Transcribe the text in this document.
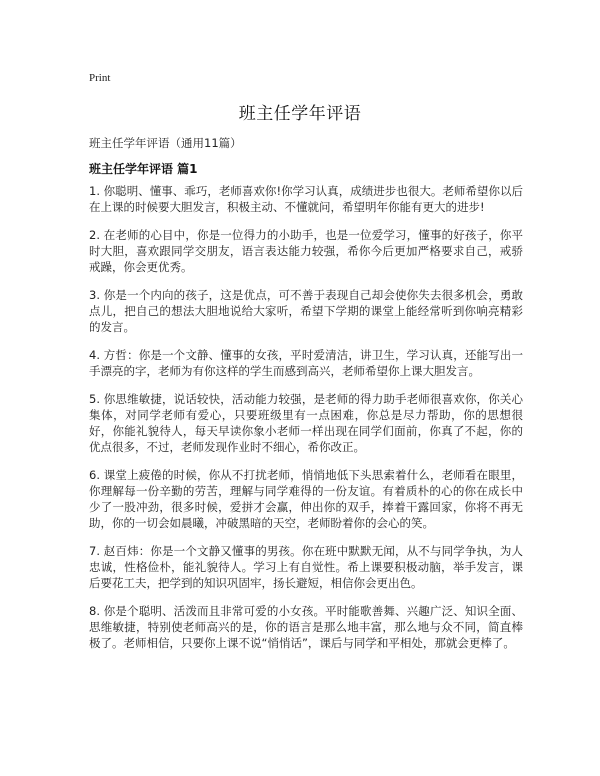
Print
班主任学年评语
班主任学年评语（通用11篇）
班主任学年评语 篇1

1. 你聪明、懂事、乖巧，老师喜欢你!你学习认真，成绩进步也很大。老师希望你以后在上课的时候要大胆发言，积极主动、不懂就问，希望明年你能有更大的进步!

2. 在老师的心目中，你是一位得力的小助手，也是一位爱学习，懂事的好孩子，你平时大胆，喜欢跟同学交朋友，语言表达能力较强，希你今后更加严格要求自己，戒骄戒躁，你会更优秀。

3. 你是一个内向的孩子，这是优点，可不善于表现自己却会使你失去很多机会，勇敢点儿，把自己的想法大胆地说给大家听，希望下学期的课堂上能经常听到你响亮精彩的发言。

4. 方哲：你是一个文静、懂事的女孩，平时爱清洁，讲卫生，学习认真，还能写出一手漂亮的字，老师为有你这样的学生而感到高兴，老师希望你上课大胆发言。

5. 你思维敏捷，说话较快，活动能力较强，是老师的得力助手老师很喜欢你，你关心集体，对同学老师有爱心，只要班级里有一点困难，你总是尽力帮助，你的思想很好，你能礼貌待人，每天早读你象小老师一样出现在同学们面前，你真了不起，你的优点很多，不过，老师发现作业时不细心，希你改正。

6. 课堂上疲倦的时候，你从不打扰老师，悄悄地低下头思索着什么，老师看在眼里，你理解每一份辛勤的劳苦，理解与同学难得的一份友谊。有着质朴的心的你在成长中少了一股冲劲，很多时候，爱拼才会赢，伸出你的双手，捧着干露回家，你将不再无助，你的一切会如晨曦，冲破黑暗的天空，老师盼着你的会心的笑。

7. 赵百炜：你是一个文静又懂事的男孩。你在班中默默无闻，从不与同学争执，为人忠诚，性格俭朴，能礼貌待人。学习上有自觉性。希上课要积极动脑，举手发言，课后要花工夫，把学到的知识巩固牢，扬长避短，相信你会更出色。

8. 你是个聪明、活泼而且非常可爱的小女孩。平时能歌善舞、兴趣广泛、知识全面、思维敏捷，特别使老师高兴的是，你的语言是那么地丰富，那么地与众不同，简直棒极了。老师相信，只要你上课不说“悄悄话”，课后与同学和平相处，那就会更棒了。
